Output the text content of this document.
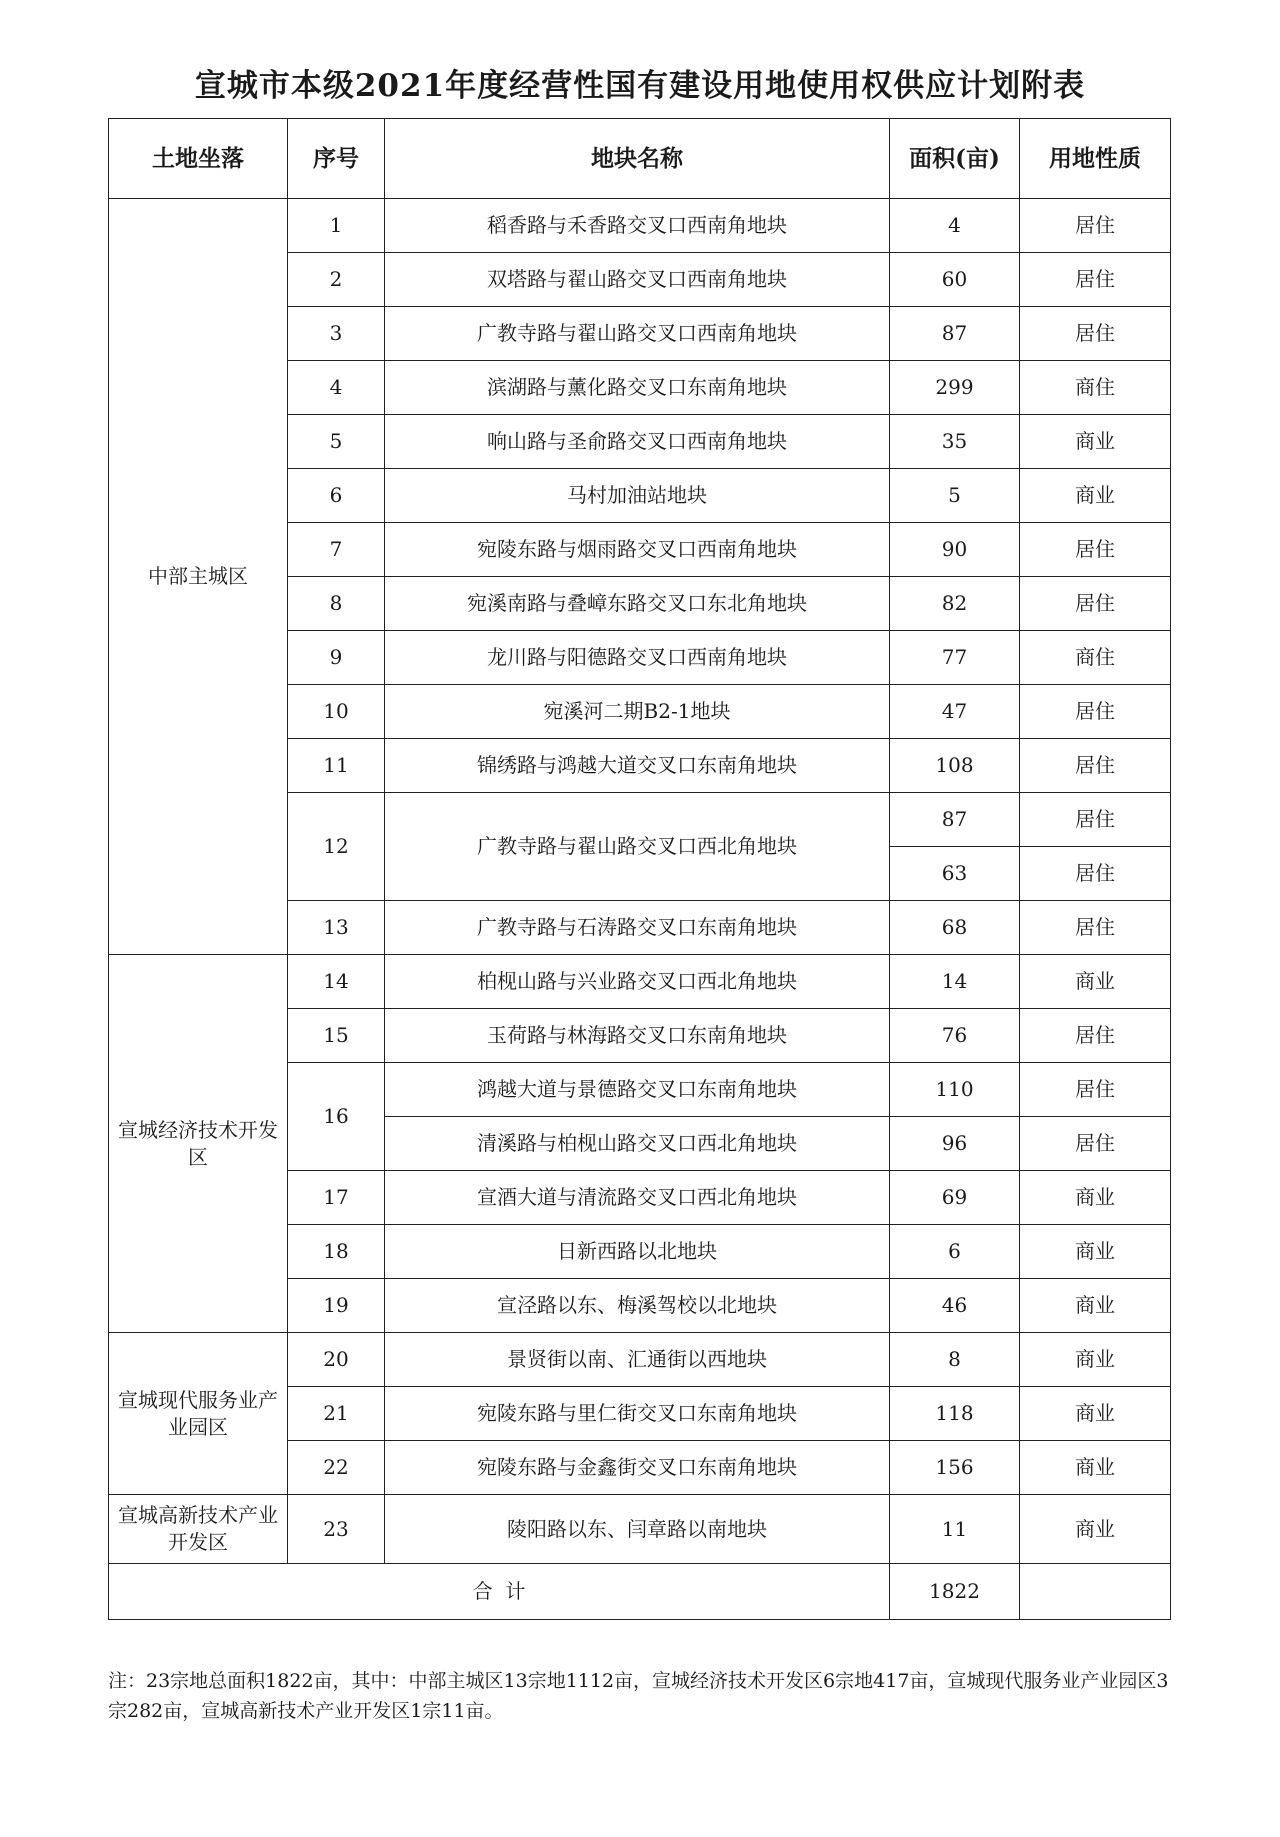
宣城市本级2021年度经营性国有建设用地使用权供应计划附表
土地坐落	序号	地块名称	面积(亩)	用地性质
中部主城区	1	稻香路与禾香路交叉口西南角地块	4	居住
	2	双塔路与翟山路交叉口西南角地块	60	居住
	3	广教寺路与翟山路交叉口西南角地块	87	居住
	4	滨湖路与薰化路交叉口东南角地块	299	商住
	5	响山路与圣俞路交叉口西南角地块	35	商业
	6	马村加油站地块	5	商业
	7	宛陵东路与烟雨路交叉口西南角地块	90	居住
	8	宛溪南路与叠嶂东路交叉口东北角地块	82	居住
	9	龙川路与阳德路交叉口西南角地块	77	商住
	10	宛溪河二期B2-1地块	47	居住
	11	锦绣路与鸿越大道交叉口东南角地块	108	居住
	12	广教寺路与翟山路交叉口西北角地块	87	居住
			63	居住
	13	广教寺路与石涛路交叉口东南角地块	68	居住
宣城经济技术开发区	14	柏枧山路与兴业路交叉口西北角地块	14	商业
	15	玉荷路与林海路交叉口东南角地块	76	居住
	16	鸿越大道与景德路交叉口东南角地块	110	居住
		清溪路与柏枧山路交叉口西北角地块	96	居住
	17	宣酒大道与清流路交叉口西北角地块	69	商业
	18	日新西路以北地块	6	商业
	19	宣泾路以东、梅溪驾校以北地块	46	商业
宣城现代服务业产业园区	20	景贤街以南、汇通街以西地块	8	商业
	21	宛陵东路与里仁街交叉口东南角地块	118	商业
	22	宛陵东路与金鑫街交叉口东南角地块	156	商业
宣城高新技术产业开发区	23	陵阳路以东、闫章路以南地块	11	商业
合  计			1822	
注：23宗地总面积1822亩，其中：中部主城区13宗地1112亩，宣城经济技术开发区6宗地417亩，宣城现代服务业产业园区3宗282亩，宣城高新技术产业开发区1宗11亩。
